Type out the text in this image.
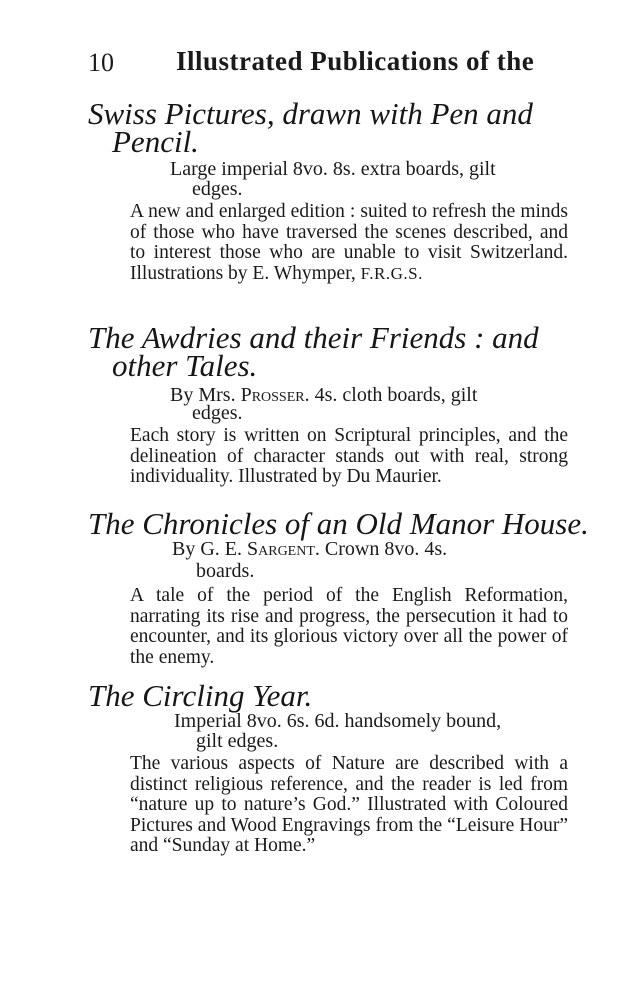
10 Illustrated Publications of the
Swiss Pictures, drawn with Pen and
Pencil.
Large imperial 8vo. 8s. extra boards, gilt
edges.
A new and enlarged edition : suited to refresh the minds of those who have traversed the scenes described, and to interest those who are unable to visit Switzerland. Illustrations by E. Whymper, F.R.G.S.
The Awdries and their Friends : and
other Tales.
By Mrs. Prosser. 4s. cloth boards, gilt
edges.
Each story is written on Scriptural principles, and the delineation of character stands out with real, strong individuality. Illustrated by Du Maurier.
The Chronicles of an Old Manor House.
By G. E. Sargent. Crown 8vo. 4s.
boards.
A tale of the period of the English Reformation, narrating its rise and progress, the persecution it had to encounter, and its glorious victory over all the power of the enemy.
The Circling Year.
Imperial 8vo. 6s. 6d. handsomely bound,
gilt edges.
The various aspects of Nature are described with a distinct religious reference, and the reader is led from “nature up to nature’s God.” Illustrated with Coloured Pictures and Wood Engravings from the “Leisure Hour” and “Sunday at Home.”
